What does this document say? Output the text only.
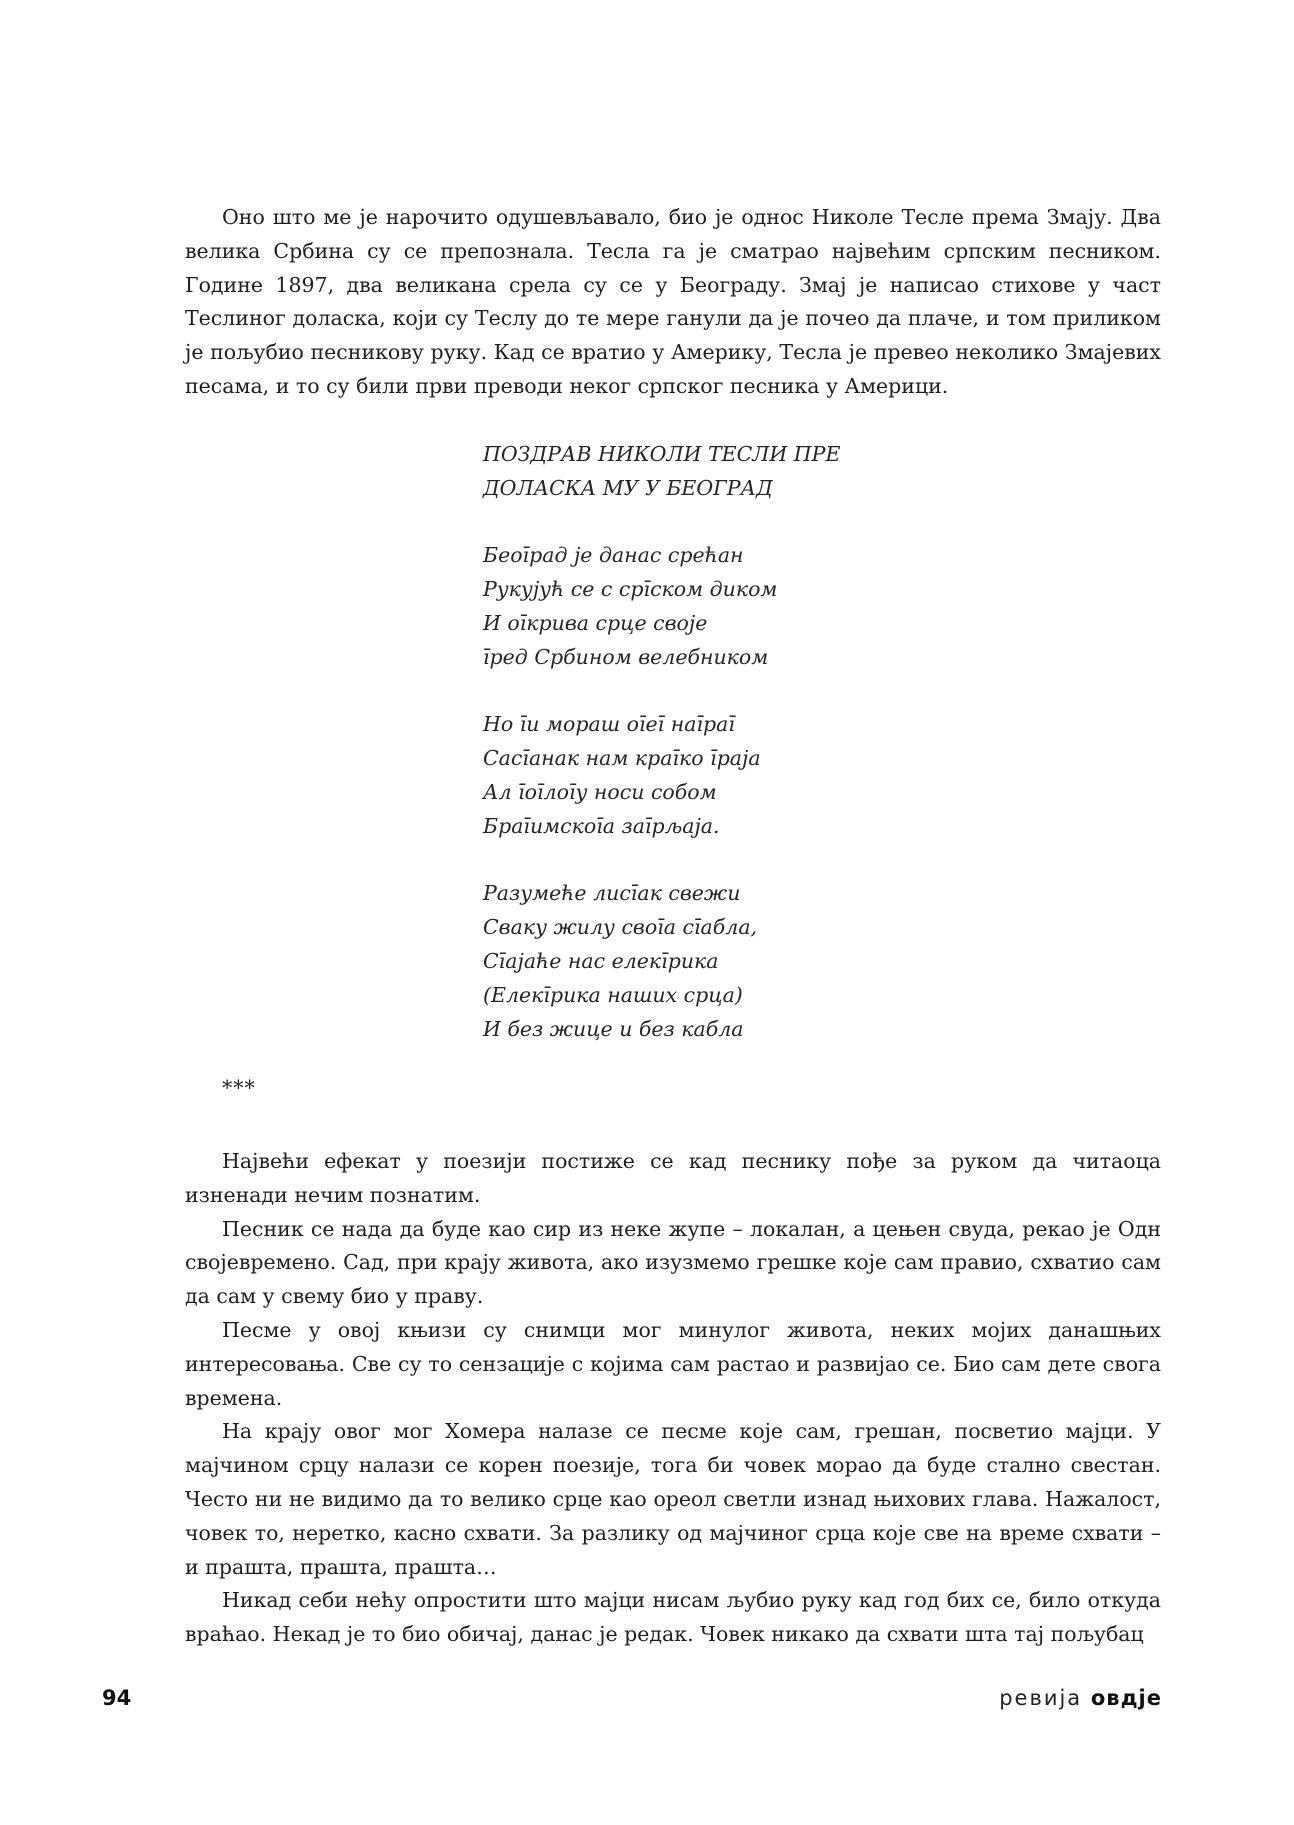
Оно што ме је нарочито одушевљавало, био је однос Николе Тесле према Змају. Два велика Србина су се препознала. Тесла га је сматрао највећим српским песником. Године 1897, два великана срела су се у Београду. Змај је написао стихове у част Теслиног доласка, који су Теслу до те мере ганули да је почео да плаче, и том приликом је пољубио песникову руку. Кад се вратио у Америку, Тесла је превео неколико Змајевих песама, и то су били први преводи неког српског песника у Америци.

ПОЗДРАВ НИКОЛИ ТЕСЛИ ПРЕ
ДОЛАСКА МУ У БЕОГРАД
Беоīрад је данас срећан
Рукујућ се с срīском диком
И оīкрива срце своје
īред Србином велебником
Но īи мораш оīеī наīраī
Сасīанак нам краīко īраја
Ал īоīлоīу носи собом
Браīимскоīа заīрљаја.
Разумеће лисīак свежи
Сваку жилу своīа сīабла,
Сīајаће нас елекīрика
(Елекīрика наших срца)
И без жице и без кабла
***

Највећи ефекат у поезији постиже се кад песнику пође за руком да читаоца изненади нечим познатим.

Песник се нада да буде као сир из неке жупе – локалан, а цењен свуда, рекао је Одн својевремено. Сад, при крају живота, ако изузмемо грешке које сам правио, схватио сам да сам у свему био у праву.

Песме у овој књизи су снимци мог минулог живота, неких мојих данашњих интересовања. Све су то сензације с којима сам растао и развијао се. Био сам дете свога времена.

На крају овог мог Хомера налазе се песме које сам, грешан, посветио мајци. У мајчином срцу налази се корен поезије, тога би човек морао да буде стално свестан. Често ни не видимо да то велико срце као ореол светли изнад њихових глава. Нажалост, човек то, неретко, касно схвати. За разлику од мајчиног срца које све на време схвати – и прашта, прашта, прашта…

Никад себи нећу опростити што мајци нисам љубио руку кад год бих се, било откуда враћао. Некад је то био обичај, данас је редак. Човек никако да схвати шта тај пољубац

94	ревија овдје
